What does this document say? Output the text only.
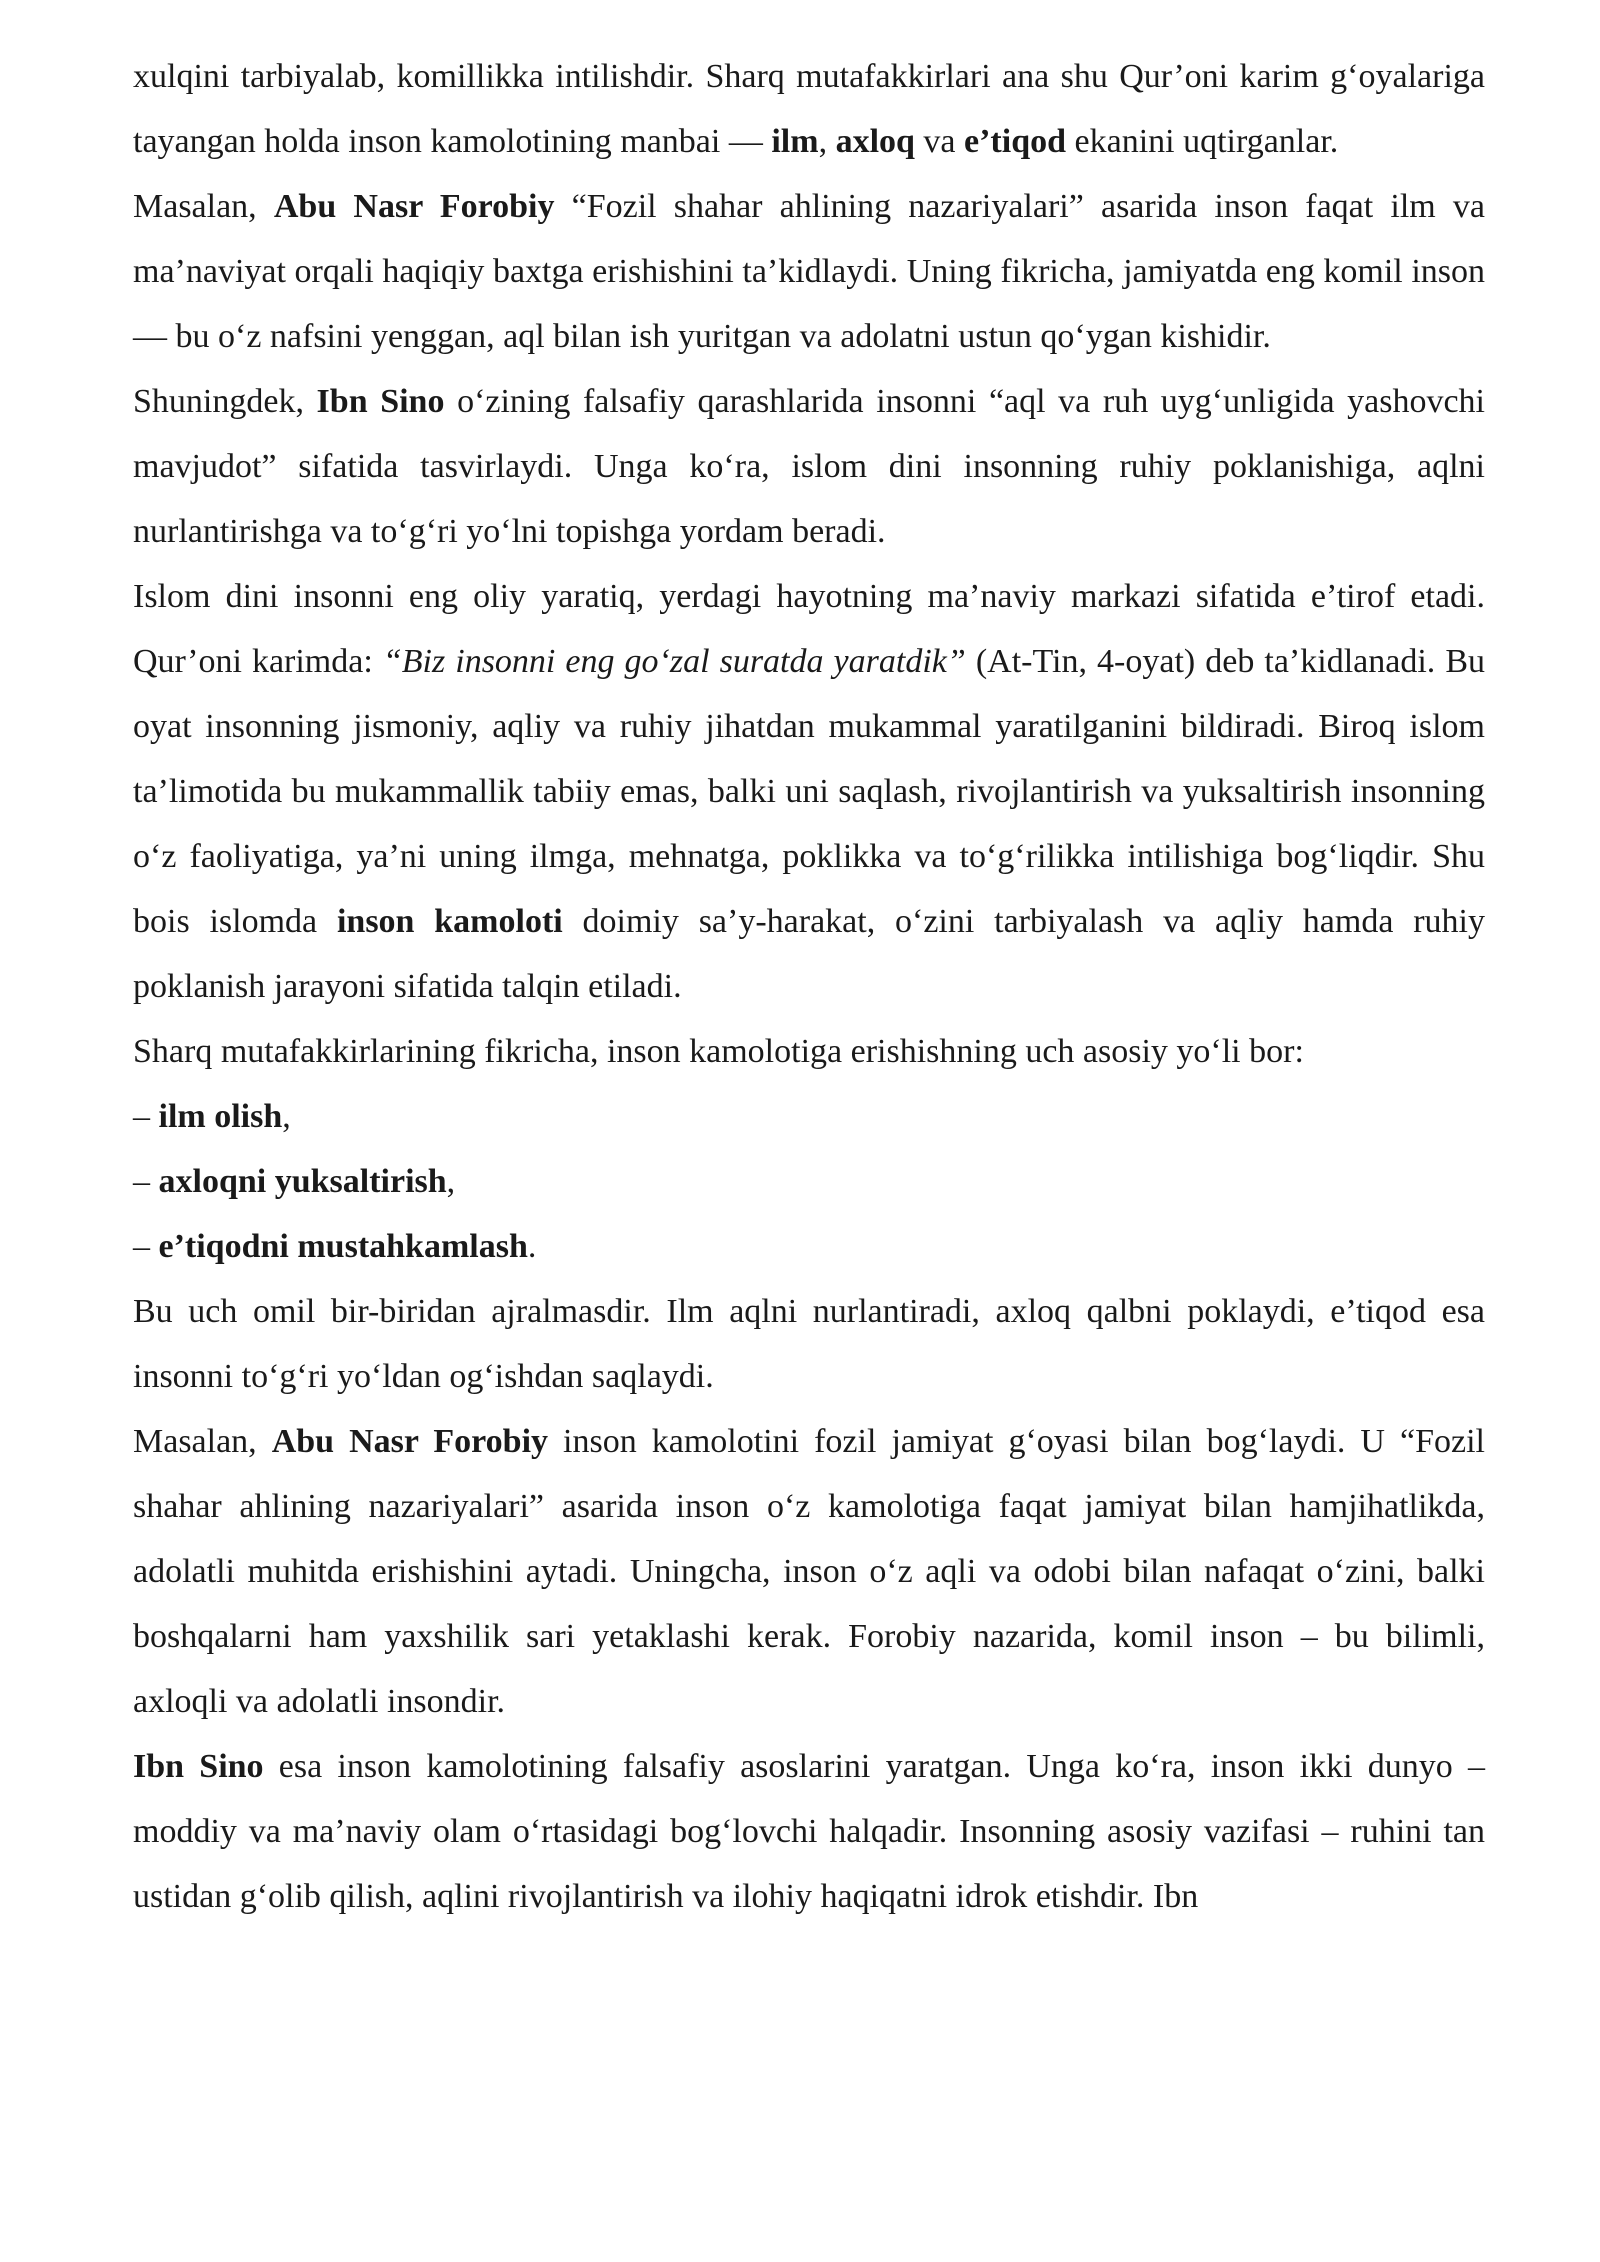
xulqini tarbiyalab, komillikka intilishdir. Sharq mutafakkirlari ana shu Qur’oni karim g‘oyalariga tayangan holda inson kamolotining manbai — ilm, axloq va e’tiqod ekanini uqtirganlar.

Masalan, Abu Nasr Forobiy “Fozil shahar ahlining nazariyalari” asarida inson faqat ilm va ma’naviyat orqali haqiqiy baxtga erishishini ta’kidlaydi. Uning fikricha, jamiyatda eng komil inson — bu o‘z nafsini yenggan, aql bilan ish yuritgan va adolatni ustun qo‘ygan kishidir.

Shuningdek, Ibn Sino o‘zining falsafiy qarashlarida insonni “aql va ruh uyg‘unligida yashovchi mavjudot” sifatida tasvirlaydi. Unga ko‘ra, islom dini insonning ruhiy poklanishiga, aqlni nurlantirishga va to‘g‘ri yo‘lni topishga yordam beradi.

Islom dini insonni eng oliy yaratiq, yerdagi hayotning ma’naviy markazi sifatida e’tirof etadi. Qur’oni karimda: “Biz insonni eng go‘zal suratda yaratdik” (At-Tin, 4-oyat) deb ta’kidlanadi. Bu oyat insonning jismoniy, aqliy va ruhiy jihatdan mukammal yaratilganini bildiradi. Biroq islom ta’limotida bu mukammallik tabiiy emas, balki uni saqlash, rivojlantirish va yuksaltirish insonning o‘z faoliyatiga, ya’ni uning ilmga, mehnatga, poklikka va to‘g‘rilikka intilishiga bog‘liqdir. Shu bois islomda inson kamoloti doimiy sa’y-harakat, o‘zini tarbiyalash va aqliy hamda ruhiy poklanish jarayoni sifatida talqin etiladi.

Sharq mutafakkirlarining fikricha, inson kamolotiga erishishning uch asosiy yo‘li bor:

– ilm olish,

– axloqni yuksaltirish,

– e’tiqodni mustahkamlash.

Bu uch omil bir-biridan ajralmasdir. Ilm aqlni nurlantiradi, axloq qalbni poklaydi, e’tiqod esa insonni to‘g‘ri yo‘ldan og‘ishdan saqlaydi.

Masalan, Abu Nasr Forobiy inson kamolotini fozil jamiyat g‘oyasi bilan bog‘laydi. U “Fozil shahar ahlining nazariyalari” asarida inson o‘z kamolotiga faqat jamiyat bilan hamjihatlikda, adolatli muhitda erishishini aytadi. Uningcha, inson o‘z aqli va odobi bilan nafaqat o‘zini, balki boshqalarni ham yaxshilik sari yetaklashi kerak. Forobiy nazarida, komil inson – bu bilimli, axloqli va adolatli insondir.

Ibn Sino esa inson kamolotining falsafiy asoslarini yaratgan. Unga ko‘ra, inson ikki dunyo – moddiy va ma’naviy olam o‘rtasidagi bog‘lovchi halqadir. Insonning asosiy vazifasi – ruhini tan ustidan g‘olib qilish, aqlini rivojlantirish va ilohiy haqiqatni idrok etishdir. Ibn
